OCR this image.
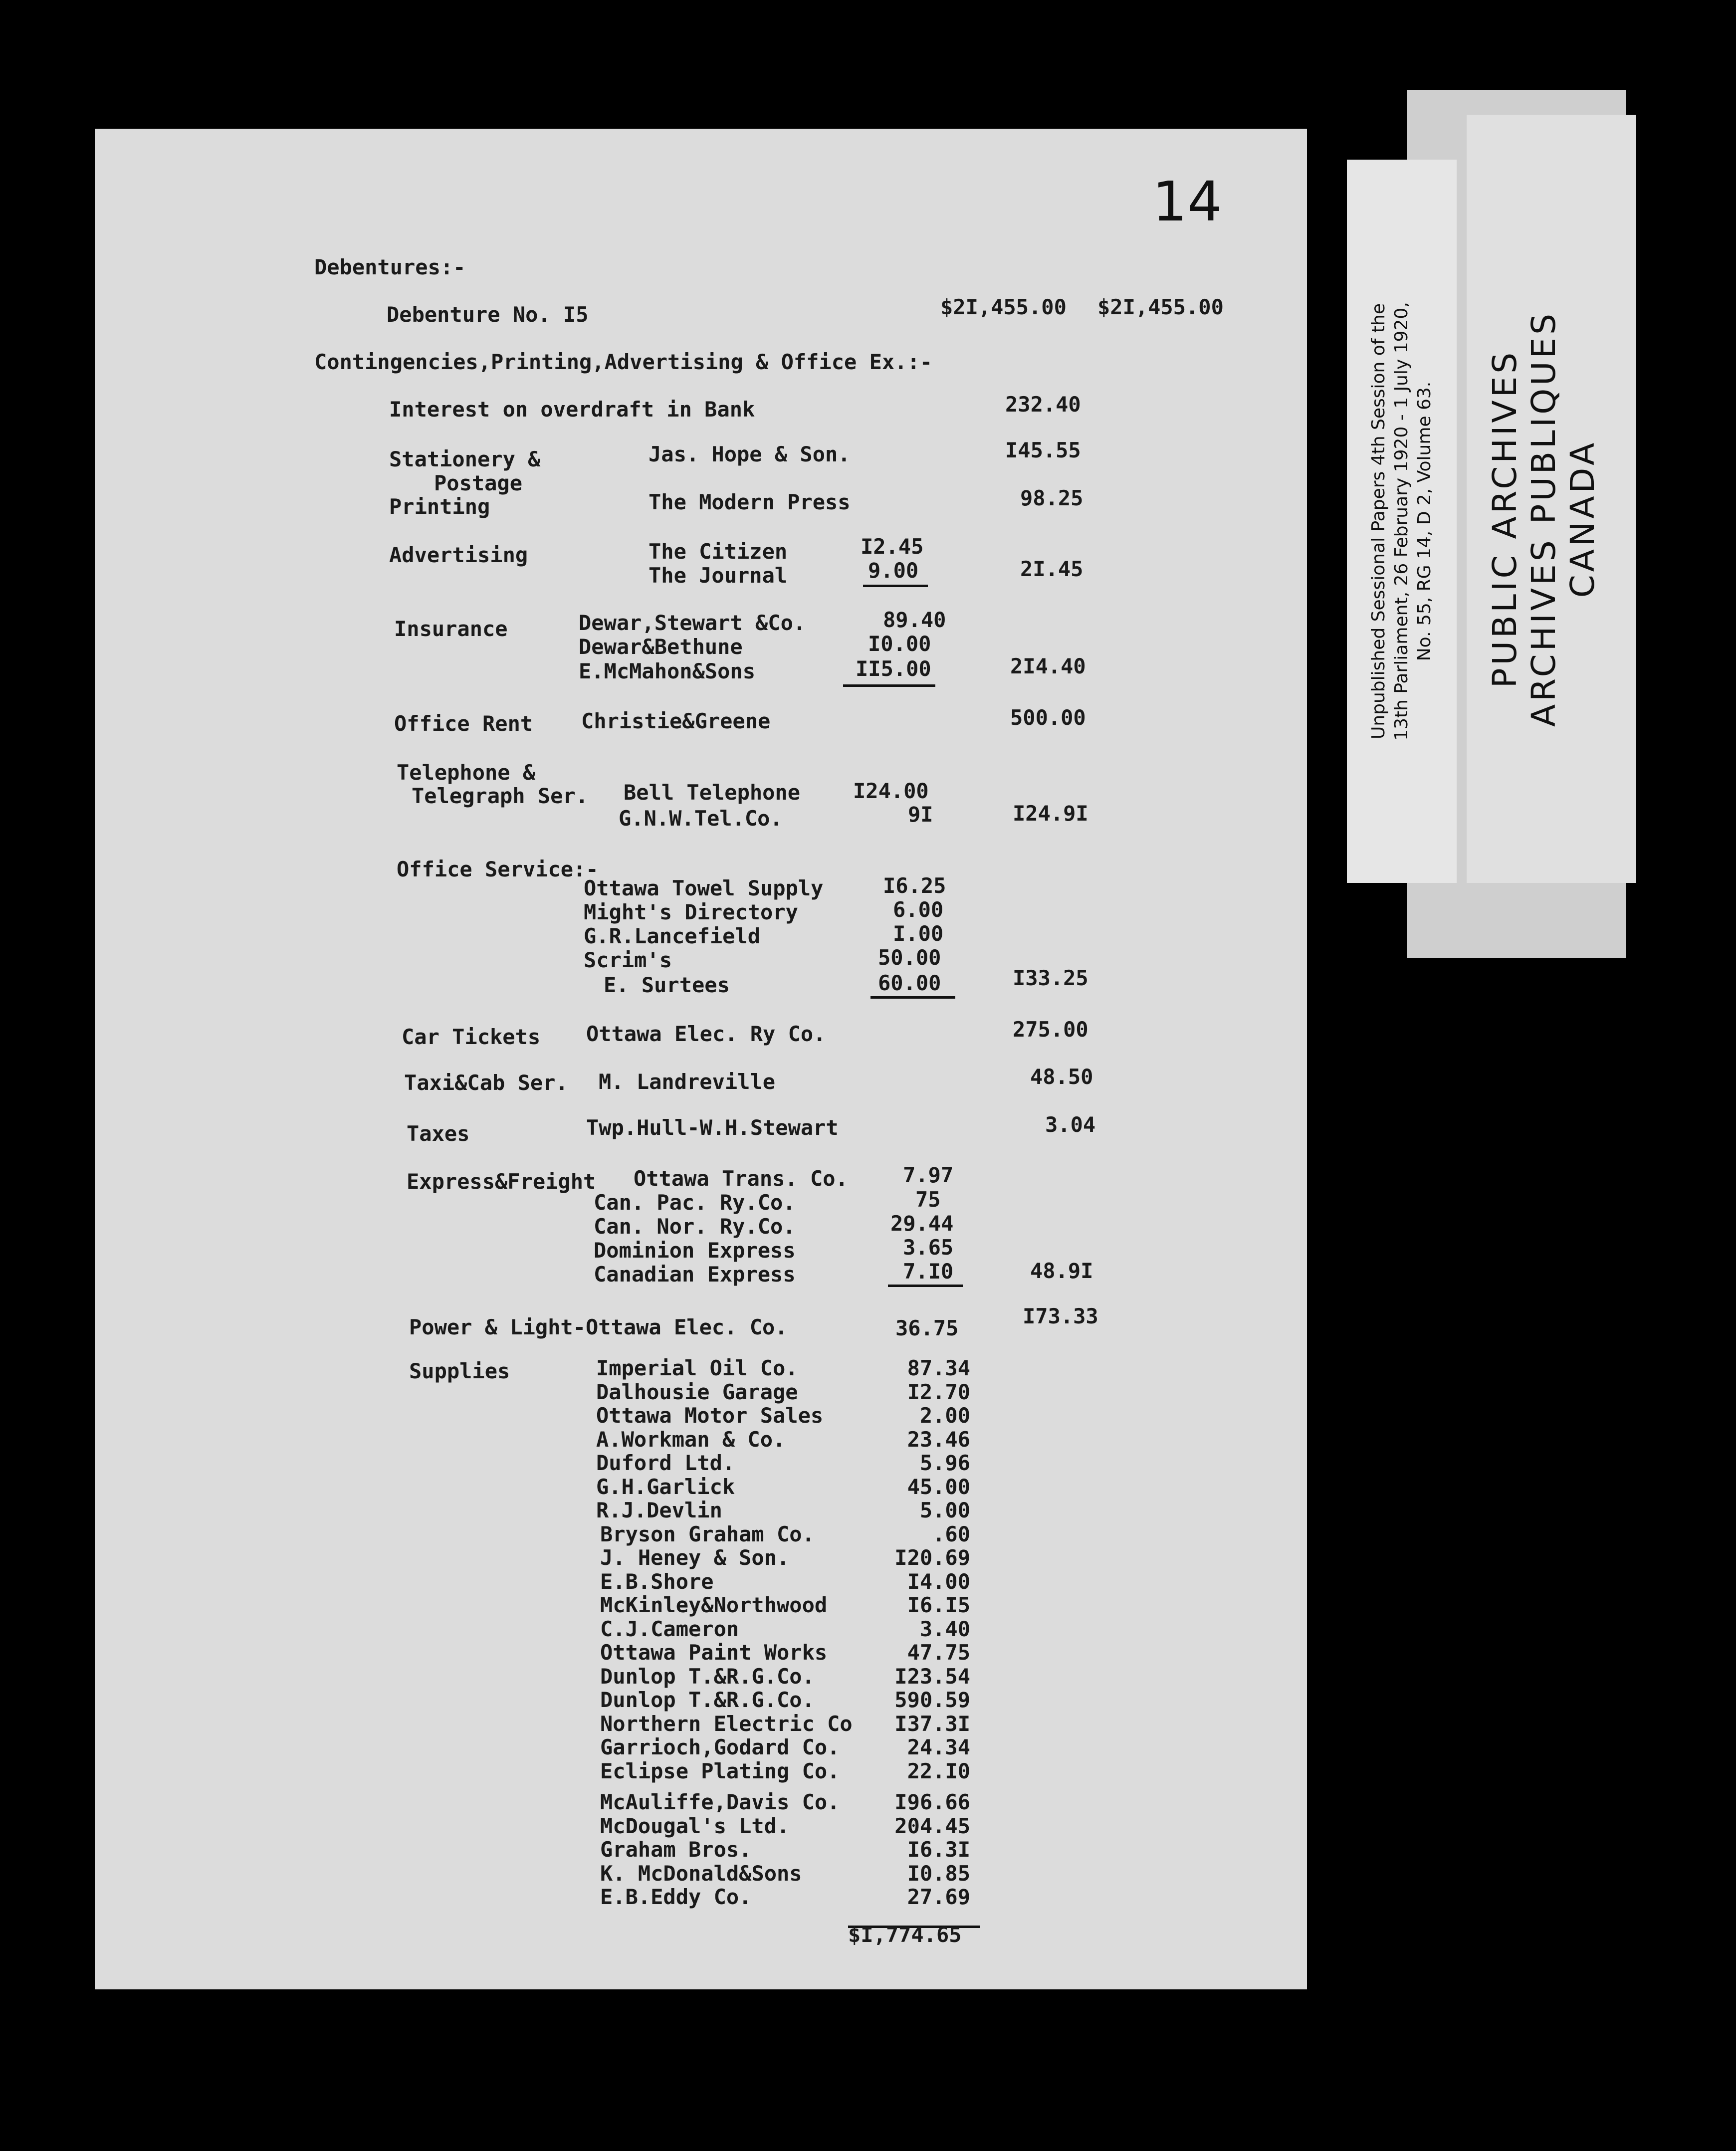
Unpublished Sessional Papers 4th Session of the 13th Parliament, 26 February 1920 - 1 July 1920, No. 55, RG 14, D 2, Volume 63. PUBLIC ARCHIVES ARCHIVES PUBLIQUES CANADA
14
Debentures:-
Debenture No. I5	$2I,455.00 $2I,455.00
Contingencies,Printing,Advertising & Office Ex.:-
Interest on overdraft in Bank	232.40
Stationery &
Postage
Jas. Hope & Son.	I45.55
Printing	The Modern Press	98.25
Advertising	The Citizen	I2.45
The Journal	9.00	2I.45
Insurance	Dewar,Stewart &Co.	89.40
Dewar&Bethune	I0.00
E.McMahon&Sons	II5.00	2I4.40
Office Rent Christie&Greene	500.00
Telephone &
Telegraph Ser. Bell Telephone	I24.00
G.N.W.Tel.Co.	9I	I24.9I
Office Service:-
Ottawa Towel Supply	I6.25
Might's Directory	6.00
G.R.Lancefield	I.00
Scrim's	50.00
E. Surtees	60.00	I33.25
Car Tickets Ottawa Elec. Ry Co.	275.00
Taxi&Cab Ser. M. Landreville	48.50
Taxes	Twp.Hull-W.H.Stewart	3.04
Express&Freight Ottawa Trans. Co.	7.97
Can. Pac. Ry.Co.	75
Can. Nor. Ry.Co.	29.44
Dominion Express	3.65
Canadian Express	7.I0	48.9I
Power & Light-Ottawa Elec. Co.	36.75	I73.33
Supplies	Imperial Oil Co.	87.34
Dalhousie Garage	I2.70
Ottawa Motor Sales	2.00
A.Workman & Co.	23.46
Duford Ltd.	5.96
G.H.Garlick	45.00
R.J.Devlin	5.00
Bryson Graham Co.	.60
J. Heney & Son.	I20.69
E.B.Shore	I4.00
McKinley&Northwood	I6.I5
C.J.Cameron	3.40
Ottawa Paint Works	47.75
Dunlop T.&R.G.Co.	I23.54
Dunlop T.&R.G.Co.	590.59
Northern Electric Co I37.3I
Garrioch,Godard Co.	24.34
Eclipse Plating Co.	22.I0
McAuliffe,Davis Co.	I96.66
McDougal's Ltd.	204.45
Graham Bros.	I6.3I
K. McDonald&Sons	I0.85
E.B.Eddy Co.	27.69
$I,774.65
